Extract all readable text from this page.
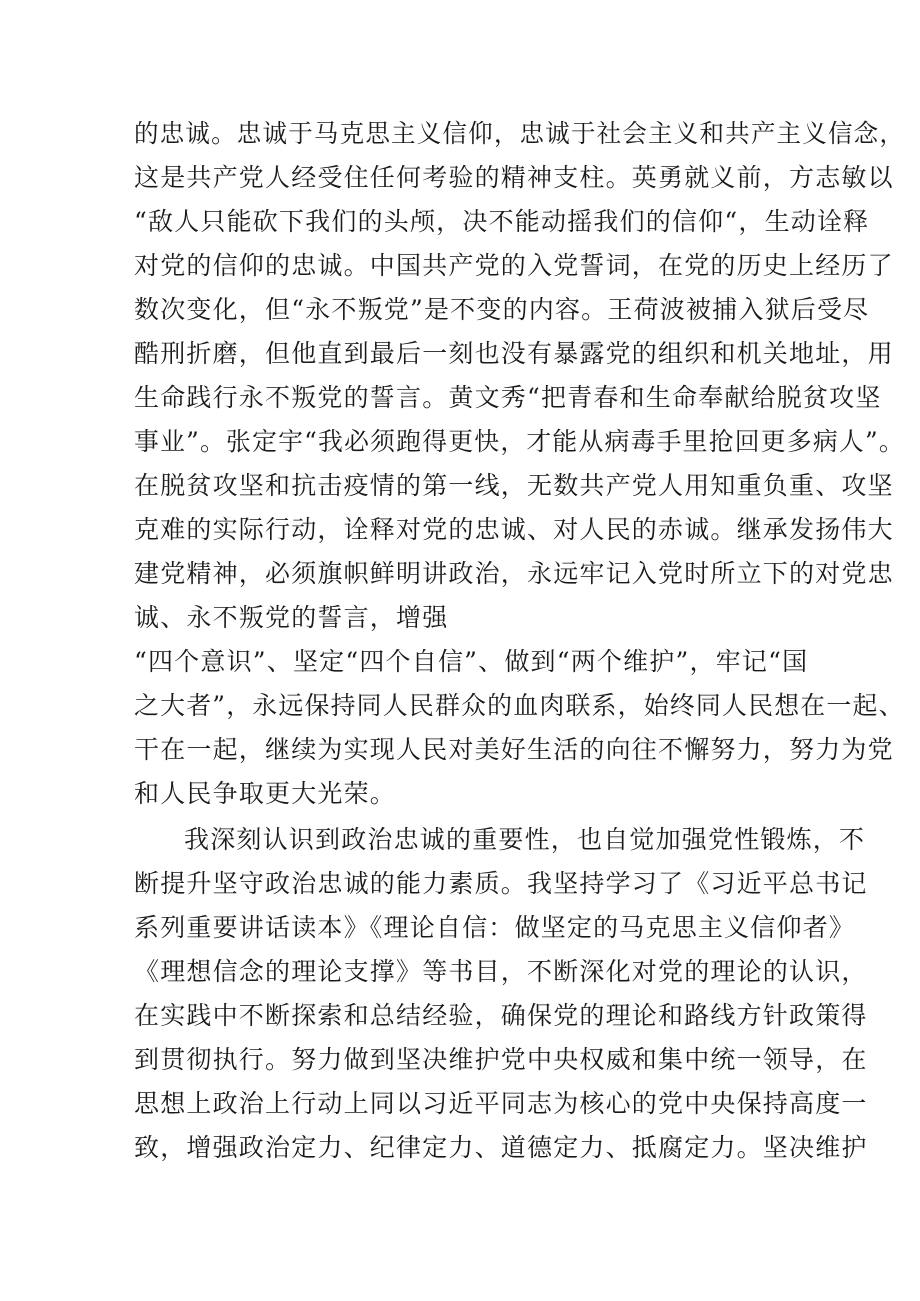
的忠诚。忠诚于马克思主义信仰，忠诚于社会主义和共产主义信念，
这是共产党人经受住任何考验的精神支柱。英勇就义前，方志敏以
“敌人只能砍下我们的头颅，决不能动摇我们的信仰“，生动诠释
对党的信仰的忠诚。中国共产党的入党誓词，在党的历史上经历了
数次变化，但“永不叛党”是不变的内容。王荷波被捕入狱后受尽
酷刑折磨，但他直到最后一刻也没有暴露党的组织和机关地址，用
生命践行永不叛党的誓言。黄文秀“把青春和生命奉献给脱贫攻坚
事业”。张定宇“我必须跑得更快，才能从病毒手里抢回更多病人”。
在脱贫攻坚和抗击疫情的第一线，无数共产党人用知重负重、攻坚
克难的实际行动，诠释对党的忠诚、对人民的赤诚。继承发扬伟大
建党精神，必须旗帜鲜明讲政治，永远牢记入党时所立下的对党忠
诚、永不叛党的誓言，增强
“四个意识”、坚定“四个自信”、做到“两个维护”，牢记“国
之大者”，永远保持同人民群众的血肉联系，始终同人民想在一起、
干在一起，继续为实现人民对美好生活的向往不懈努力，努力为党
和人民争取更大光荣。
我深刻认识到政治忠诚的重要性，也自觉加强党性锻炼，不
断提升坚守政治忠诚的能力素质。我坚持学习了《习近平总书记
系列重要讲话读本》《理论自信：做坚定的马克思主义信仰者》
《理想信念的理论支撑》等书目，不断深化对党的理论的认识，
在实践中不断探索和总结经验，确保党的理论和路线方针政策得
到贯彻执行。努力做到坚决维护党中央权威和集中统一领导，在
思想上政治上行动上同以习近平同志为核心的党中央保持高度一
致，增强政治定力、纪律定力、道德定力、抵腐定力。坚决维护
